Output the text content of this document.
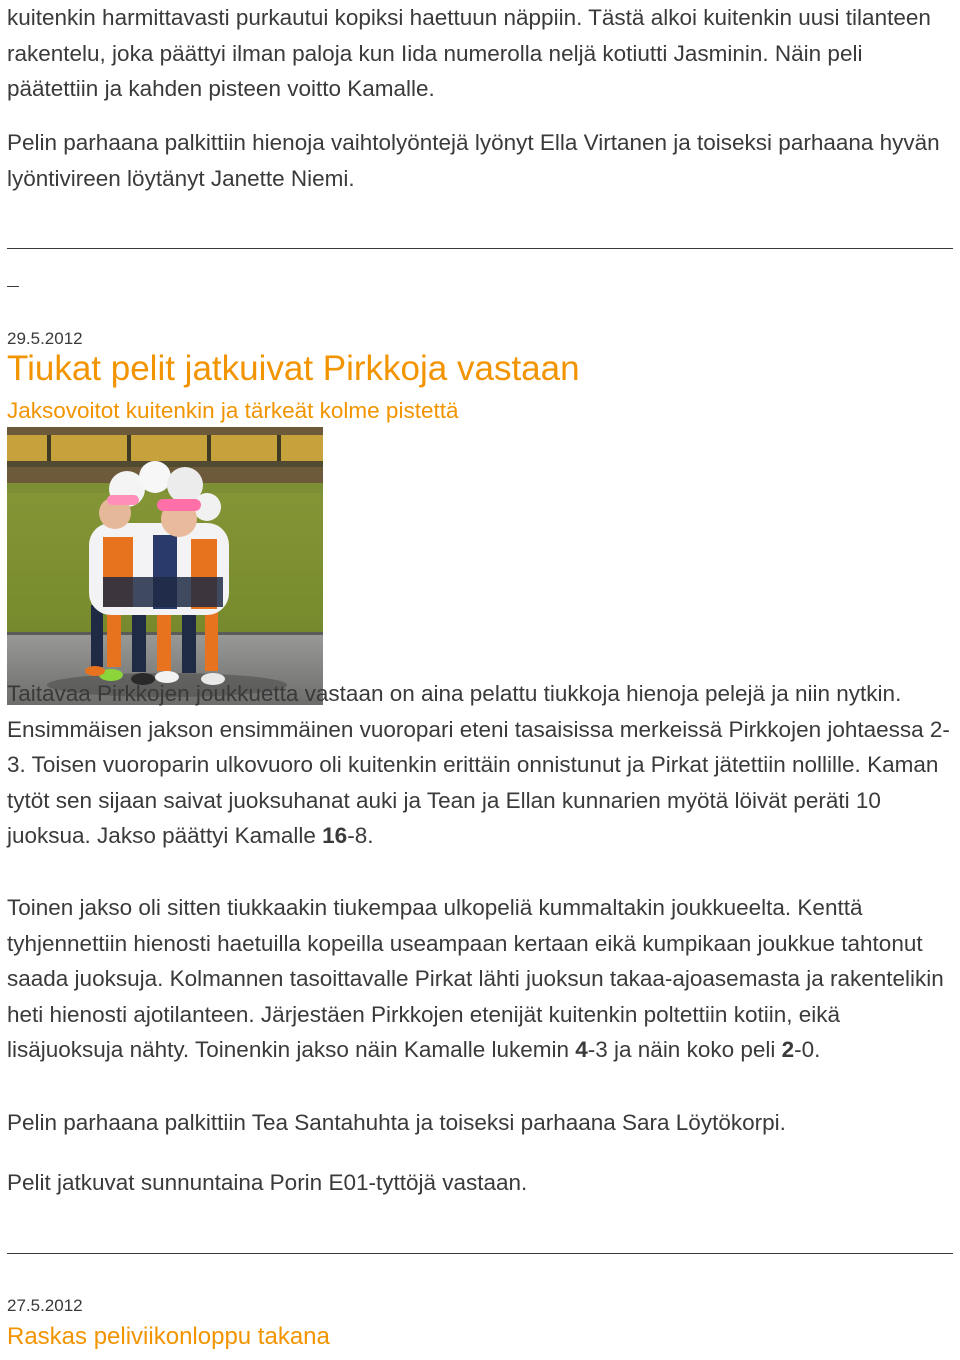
kuitenkin harmittavasti purkautui kopiksi haettuun näppiin. Tästä alkoi kuitenkin uusi tilanteen rakentelu, joka päättyi ilman paloja kun Iida numerolla neljä kotiutti Jasminin. Näin peli päätettiin ja kahden pisteen voitto Kamalle.

Pelin parhaana palkittiin hienoja vaihtolyöntejä lyönyt Ella Virtanen ja toiseksi parhaana hyvän lyöntivireen löytänyt Janette Niemi.

29.5.2012
Tiukat pelit jatkuivat Pirkkoja vastaan
Jaksovoitot kuitenkin ja tärkeät kolme pistettä

Taitavaa Pirkkojen joukkuetta vastaan on aina pelattu tiukkoja hienoja pelejä ja niin nytkin. Ensimmäisen jakson ensimmäinen vuoropari eteni tasaisissa merkeissä Pirkkojen johtaessa 2-3. Toisen vuoroparin ulkovuoro oli kuitenkin erittäin onnistunut ja Pirkat jätettiin nollille. Kaman tytöt sen sijaan saivat juoksuhanat auki ja Tean ja Ellan kunnarien myötä löivät peräti 10 juoksua. Jakso päättyi Kamalle 16-8.

Toinen jakso oli sitten tiukkaakin tiukempaa ulkopeliä kummaltakin joukkueelta. Kenttä tyhjennettiin hienosti haetuilla kopeilla useampaan kertaan eikä kumpikaan joukkue tahtonut saada juoksuja. Kolmannen tasoittavalle Pirkat lähti juoksun takaa-ajoasemasta ja rakentelikin heti hienosti ajotilanteen. Järjestäen Pirkkojen etenijät kuitenkin poltettiin kotiin, eikä lisäjuoksuja nähty. Toinenkin jakso näin Kamalle lukemin 4-3 ja näin koko peli 2-0.

Pelin parhaana palkittiin Tea Santahuhta ja toiseksi parhaana Sara Löytökorpi.

Pelit jatkuvat sunnuntaina Porin E01-tyttöjä vastaan.

27.5.2012
Raskas peliviikonloppu takana
